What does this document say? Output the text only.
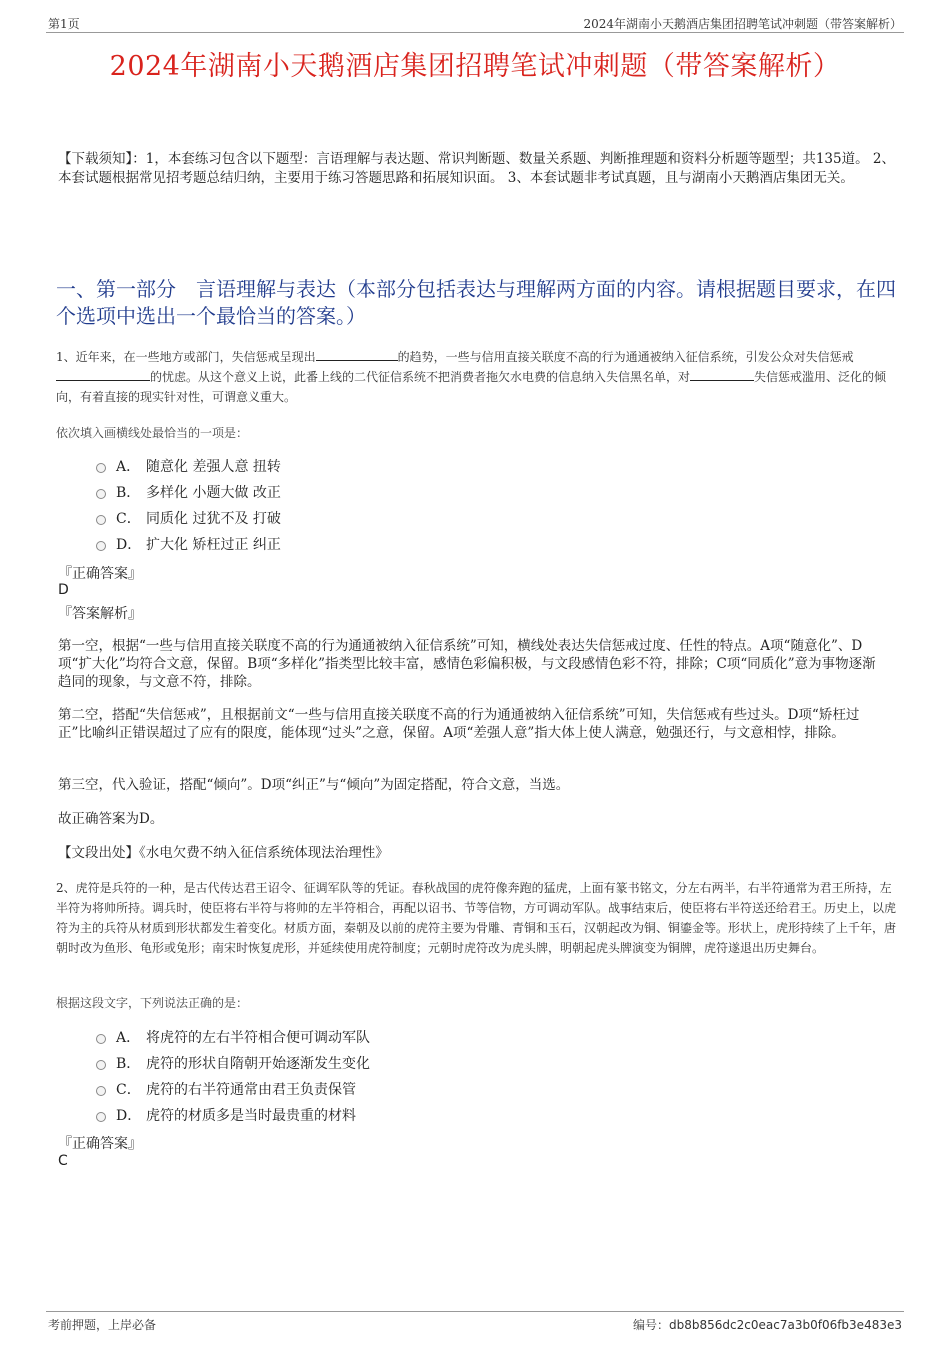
第1页	2024年湖南小天鹅酒店集团招聘笔试冲刺题（带答案解析）
2024年湖南小天鹅酒店集团招聘笔试冲刺题（带答案解析）
【下载须知】：1，本套练习包含以下题型：言语理解与表达题、常识判断题、数量关系题、判断推理题和资料分析题等题型；共135道。 2、本套试题根据常见招考题总结归纳，主要用于练习答题思路和拓展知识面。 3、本套试题非考试真题，且与湖南小天鹅酒店集团无关。
一、第一部分　言语理解与表达（本部分包括表达与理解两方面的内容。请根据题目要求，在四个选项中选出一个最恰当的答案。）
1、近年来，在一些地方或部门，失信惩戒呈现出	的趋势，一些与信用直接关联度不高的行为通通被纳入征信系统，引发公众对失信惩戒的忧虑。从这个意义上说，此番上线的二代征信系统不把消费者拖欠水电费的信息纳入失信黑名单，对	失信惩戒滥用、泛化的倾向，有着直接的现实针对性，可谓意义重大。
依次填入画横线处最恰当的一项是：
A． 随意化 差强人意 扭转
B． 多样化 小题大做 改正
C． 同质化 过犹不及 打破
D． 扩大化 矫枉过正 纠正
『正确答案』
D
『答案解析』
第一空，根据“一些与信用直接关联度不高的行为通通被纳入征信系统”可知，横线处表达失信惩戒过度、任性的特点。A项“随意化”、D项“扩大化”均符合文意，保留。B项“多样化”指类型比较丰富，感情色彩偏积极，与文段感情色彩不符，排除；C项“同质化”意为事物逐渐趋同的现象，与文意不符，排除。
第二空，搭配“失信惩戒”，且根据前文“一些与信用直接关联度不高的行为通通被纳入征信系统”可知，失信惩戒有些过头。D项“矫枉过正”比喻纠正错误超过了应有的限度，能体现“过头”之意，保留。A项“差强人意”指大体上使人满意，勉强还行，与文意相悖，排除。
第三空，代入验证，搭配“倾向”。D项“纠正”与“倾向”为固定搭配，符合文意，当选。
故正确答案为D。
【文段出处】《水电欠费不纳入征信系统体现法治理性》
2、虎符是兵符的一种，是古代传达君王诏令、征调军队等的凭证。春秋战国的虎符像奔跑的猛虎，上面有篆书铭文，分左右两半，右半符通常为君王所持，左半符为将帅所持。调兵时，使臣将右半符与将帅的左半符相合，再配以诏书、节等信物，方可调动军队。战事结束后，使臣将右半符送还给君王。历史上，以虎符为主的兵符从材质到形状都发生着变化。材质方面，秦朝及以前的虎符主要为骨雕、青铜和玉石，汉朝起改为铜、铜鎏金等。形状上，虎形持续了上千年，唐朝时改为鱼形、龟形或兔形；南宋时恢复虎形，并延续使用虎符制度；元朝时虎符改为虎头牌，明朝起虎头牌演变为铜牌，虎符遂退出历史舞台。
根据这段文字，下列说法正确的是：
A． 将虎符的左右半符相合便可调动军队
B． 虎符的形状自隋朝开始逐渐发生变化
C． 虎符的右半符通常由君王负责保管
D． 虎符的材质多是当时最贵重的材料
『正确答案』
C
考前押题，上岸必备	编号：db8b856dc2c0eac7a3b0f06fb3e483e3
